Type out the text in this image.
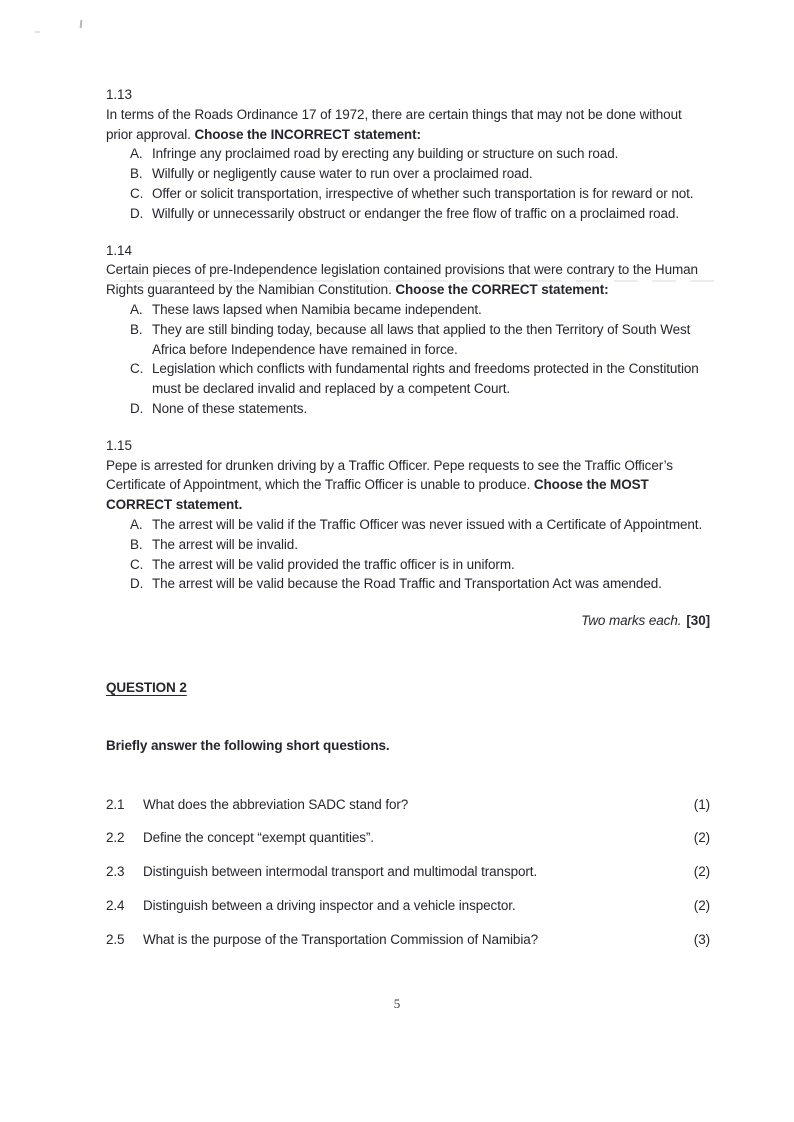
1.13

In terms of the Roads Ordinance 17 of 1972, there are certain things that may not be done without prior approval. Choose the INCORRECT statement:

A. Infringe any proclaimed road by erecting any building or structure on such road.
B. Wilfully or negligently cause water to run over a proclaimed road.
C. Offer or solicit transportation, irrespective of whether such transportation is for reward or not.
D. Wilfully or unnecessarily obstruct or endanger the free flow of traffic on a proclaimed road.
1.14

Certain pieces of pre-Independence legislation contained provisions that were contrary to the Human Rights guaranteed by the Namibian Constitution. Choose the CORRECT statement:

A. These laws lapsed when Namibia became independent.
B. They are still binding today, because all laws that applied to the then Territory of South West Africa before Independence have remained in force.
C. Legislation which conflicts with fundamental rights and freedoms protected in the Constitution must be declared invalid and replaced by a competent Court.
D. None of these statements.
1.15

Pepe is arrested for drunken driving by a Traffic Officer. Pepe requests to see the Traffic Officer’s Certificate of Appointment, which the Traffic Officer is unable to produce. Choose the MOST CORRECT statement.

A. The arrest will be valid if the Traffic Officer was never issued with a Certificate of Appointment.
B. The arrest will be invalid.
C. The arrest will be valid provided the traffic officer is in uniform.
D. The arrest will be valid because the Road Traffic and Transportation Act was amended.
Two marks each. [30]
QUESTION 2
Briefly answer the following short questions.
2.1	What does the abbreviation SADC stand for?	(1)
2.2	Define the concept “exempt quantities”.	(2)
2.3	Distinguish between intermodal transport and multimodal transport.	(2)
2.4	Distinguish between a driving inspector and a vehicle inspector.	(2)
2.5	What is the purpose of the Transportation Commission of Namibia?	(3)
5
